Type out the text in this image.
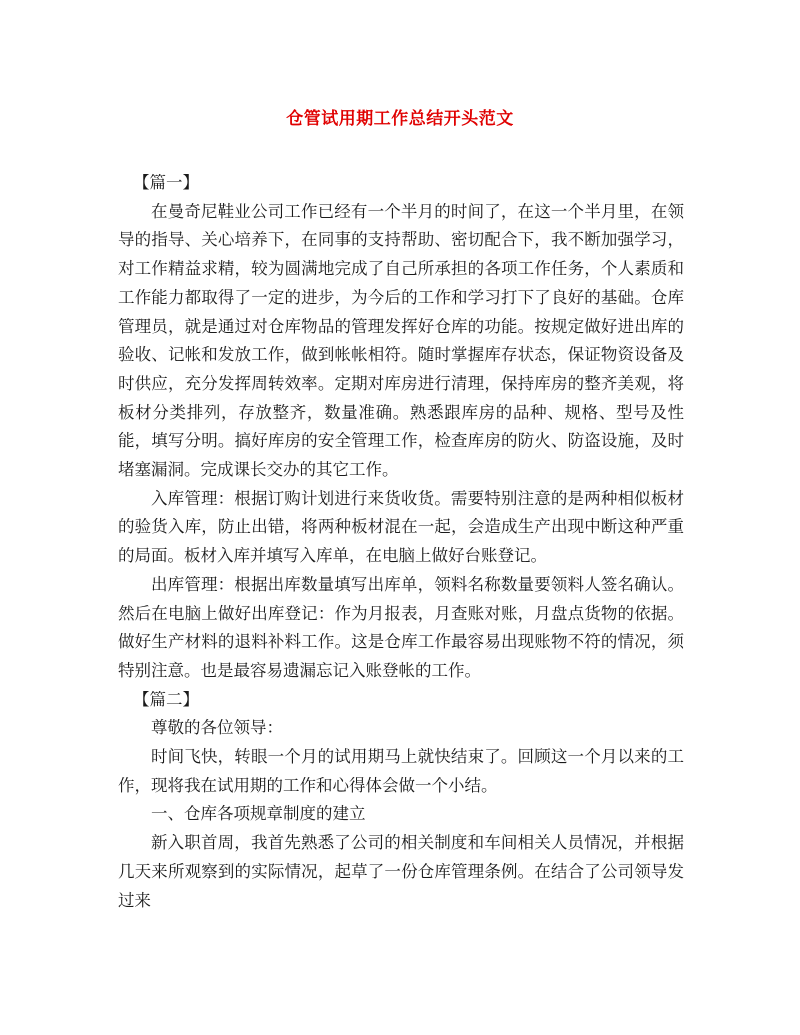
仓管试用期工作总结开头范文

【篇一】

在曼奇尼鞋业公司工作已经有一个半月的时间了，在这一个半月里，在领导的指导、关心培养下，在同事的支持帮助、密切配合下，我不断加强学习，对工作精益求精，较为圆满地完成了自己所承担的各项工作任务，个人素质和工作能力都取得了一定的进步，为今后的工作和学习打下了良好的基础。仓库管理员，就是通过对仓库物品的管理发挥好仓库的功能。按规定做好进出库的验收、记帐和发放工作，做到帐帐相符。随时掌握库存状态，保证物资设备及时供应，充分发挥周转效率。定期对库房进行清理，保持库房的整齐美观，将板材分类排列，存放整齐，数量准确。熟悉跟库房的品种、规格、型号及性能，填写分明。搞好库房的安全管理工作，检查库房的防火、防盗设施，及时堵塞漏洞。完成课长交办的其它工作。

入库管理：根据订购计划进行来货收货。需要特别注意的是两种相似板材的验货入库，防止出错，将两种板材混在一起，会造成生产出现中断这种严重的局面。板材入库并填写入库单，在电脑上做好台账登记。

出库管理：根据出库数量填写出库单，领料名称数量要领料人签名确认。然后在电脑上做好出库登记：作为月报表，月查账对账，月盘点货物的依据。做好生产材料的退料补料工作。这是仓库工作最容易出现账物不符的情况，须特别注意。也是最容易遗漏忘记入账登帐的工作。

【篇二】

尊敬的各位领导：

时间飞快，转眼一个月的试用期马上就快结束了。回顾这一个月以来的工作，现将我在试用期的工作和心得体会做一个小结。

一、仓库各项规章制度的建立

新入职首周，我首先熟悉了公司的相关制度和车间相关人员情况，并根据几天来所观察到的实际情况，起草了一份仓库管理条例。在结合了公司领导发过来
